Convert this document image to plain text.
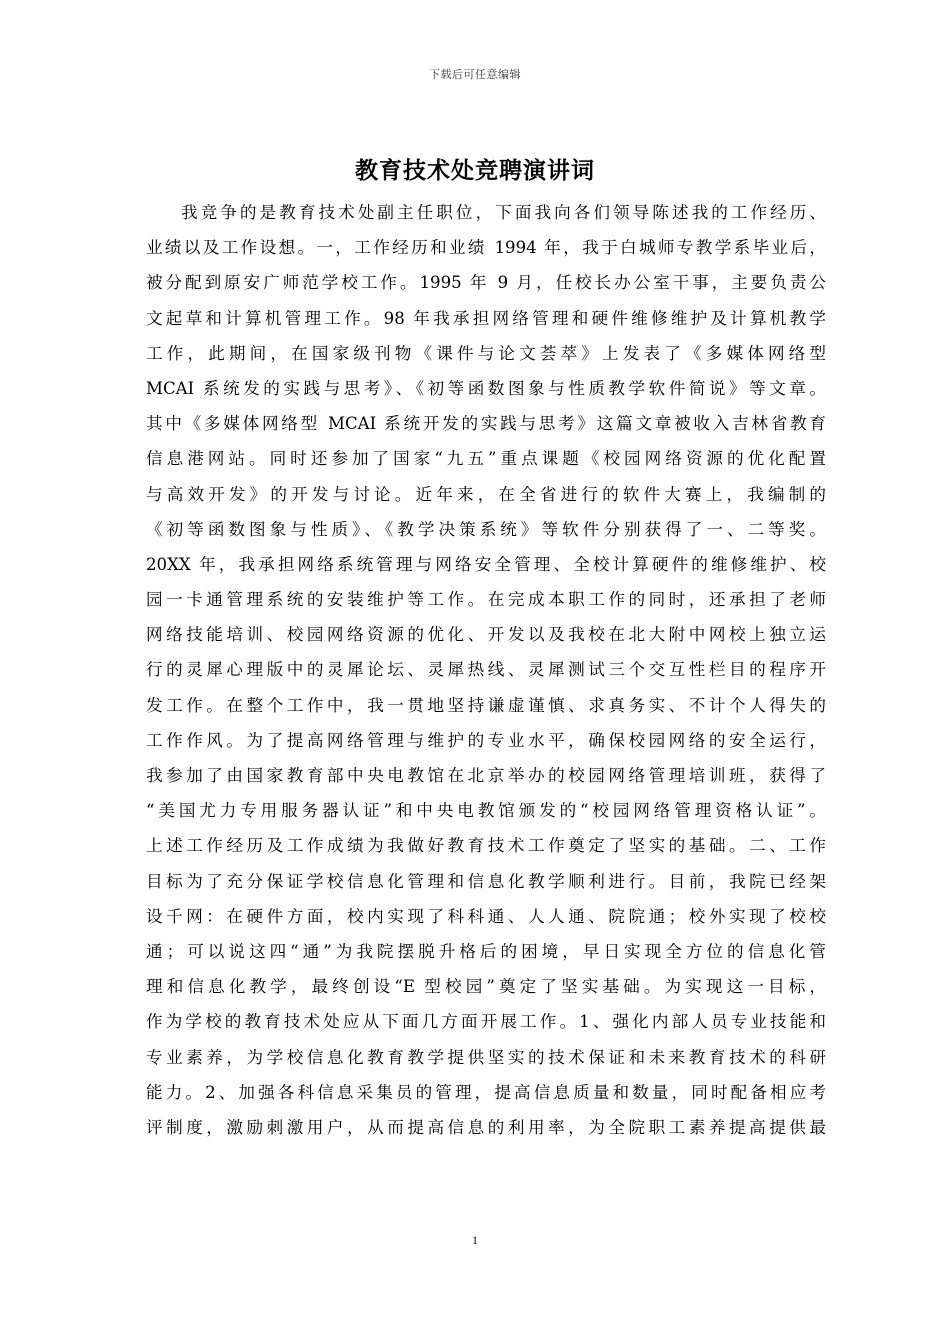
下载后可任意编辑
教育技术处竞聘演讲词
我竞争的是教育技术处副主任职位，下面我向各们领导陈述我的工作经历、
业绩以及工作设想。一，工作经历和业绩 1994 年，我于白城师专教学系毕业后，
被分配到原安广师范学校工作。1995 年 9 月，任校长办公室干事，主要负责公
文起草和计算机管理工作。98 年我承担网络管理和硬件维修维护及计算机教学
工作，此期间，在国家级刊物《课件与论文荟萃》上发表了《多媒体网络型
MCAI 系统发的实践与思考》、《初等函数图象与性质教学软件简说》等文章。
其中《多媒体网络型 MCAI 系统开发的实践与思考》这篇文章被收入吉林省教育
信息港网站。同时还参加了国家“九五”重点课题《校园网络资源的优化配置
与高效开发》的开发与讨论。近年来，在全省进行的软件大赛上，我编制的
《初等函数图象与性质》、《教学决策系统》等软件分别获得了一、二等奖。
20XX 年，我承担网络系统管理与网络安全管理、全校计算硬件的维修维护、校
园一卡通管理系统的安装维护等工作。在完成本职工作的同时，还承担了老师
网络技能培训、校园网络资源的优化、开发以及我校在北大附中网校上独立运
行的灵犀心理版中的灵犀论坛、灵犀热线、灵犀测试三个交互性栏目的程序开
发工作。在整个工作中，我一贯地坚持谦虚谨慎、求真务实、不计个人得失的
工作作风。为了提高网络管理与维护的专业水平，确保校园网络的安全运行，
我参加了由国家教育部中央电教馆在北京举办的校园网络管理培训班，获得了
“美国尤力专用服务器认证”和中央电教馆颁发的“校园网络管理资格认证”。
上述工作经历及工作成绩为我做好教育技术工作奠定了坚实的基础。二、工作
目标为了充分保证学校信息化管理和信息化教学顺利进行。目前，我院已经架
设千网：在硬件方面，校内实现了科科通、人人通、院院通；校外实现了校校
通；可以说这四“通”为我院摆脱升格后的困境，早日实现全方位的信息化管
理和信息化教学，最终创设“E 型校园”奠定了坚实基础。为实现这一目标，
作为学校的教育技术处应从下面几方面开展工作。1、强化内部人员专业技能和
专业素养，为学校信息化教育教学提供坚实的技术保证和未来教育技术的科研
能力。2、加强各科信息采集员的管理，提高信息质量和数量，同时配备相应考
评制度，激励刺激用户，从而提高信息的利用率，为全院职工素养提高提供最
1
